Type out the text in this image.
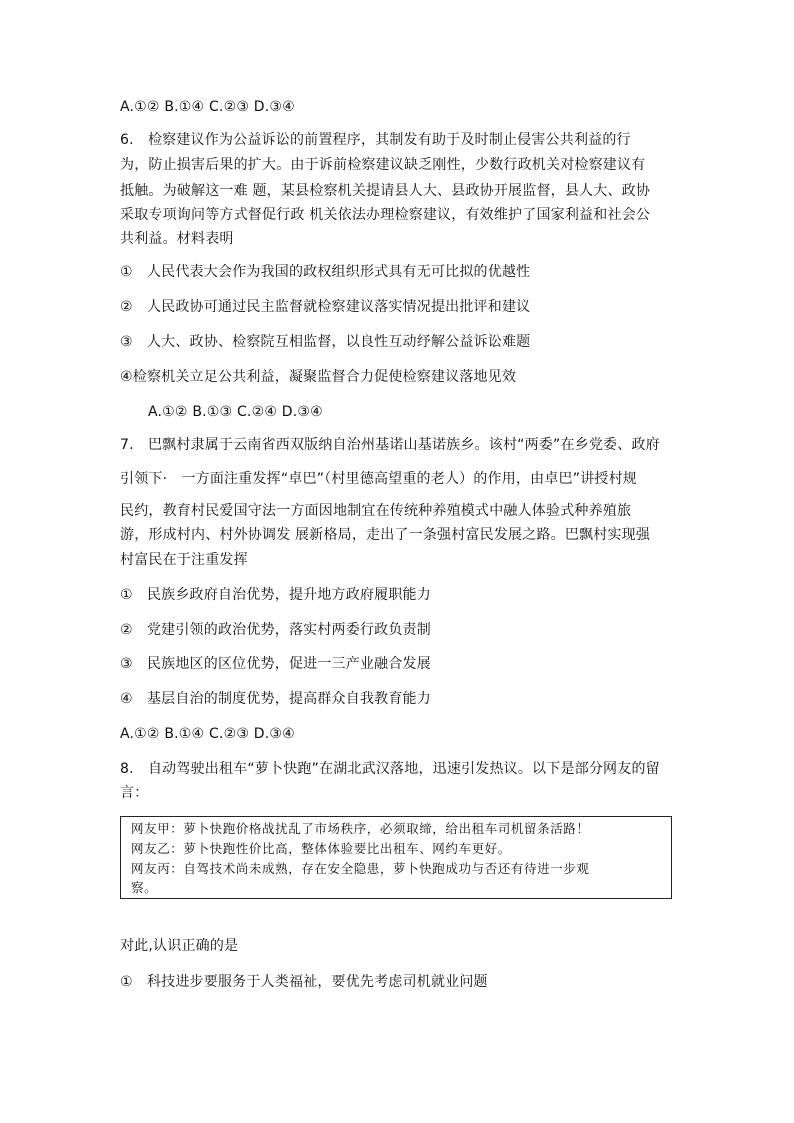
A.①② B.①④ C.②③ D.③④
6.　检察建议作为公益诉讼的前置程序，其制发有助于及时制止侵害公共利益的行
为，防止损害后果的扩大。由于诉前检察建议缺乏刚性，少数行政机关对检察建议有
抵触。为破解这一难 题，某县检察机关提请县人大、县政协开展监督，县人大、政协
采取专项询问等方式督促行政 机关依法办理检察建议，有效维护了国家利益和社会公
共利益。材料表明
①　人民代表大会作为我国的政权组织形式具有无可比拟的优越性
②　人民政协可通过民主监督就检察建议落实情况提出批评和建议
③　人大、政协、检察院互相监督，以良性互动纾解公益诉讼难题
④检察机关立足公共利益，凝聚监督合力促使检察建议落地见效
A.①② B.①③ C.②④ D.③④
7.　巴飘村隶属于云南省西双版纳自治州基诺山基诺族乡。该村“两委”在乡党委、政府
引领下·　一方面注重发挥“卓巴”（村里德高望重的老人）的作用，由卓巴”讲授村规
民约，教育村民爱国守法一方面因地制宜在传统种养殖模式中融人体验式种养殖旅
游，形成村内、村外协调发 展新格局，走出了一条强村富民发展之路。巴飘村实现强
村富民在于注重发挥
①　民族乡政府自治优势，提升地方政府履职能力
②　党建引领的政治优势，落实村两委行政负责制
③　民族地区的区位优势，促进一三产业融合发展
④　基层自治的制度优势，提高群众自我教育能力
A.①② B.①④ C.②③ D.③④
8.　自动驾驶出租车“萝卜快跑”在湖北武汉落地，迅速引发热议。以下是部分网友的留
言：
网友甲：萝卜快跑价格战扰乱了市场秩序，必须取缔，给出租车司机留条活路！
网友乙：萝卜快跑性价比高，整体体验要比出租车、网约车更好。
网友丙：自驾技术尚未成熟，存在安全隐患，萝卜快跑成功与否还有待进一步观
察。
对此,认识正确的是
①　科技进步要服务于人类福祉，要优先考虑司机就业问题
